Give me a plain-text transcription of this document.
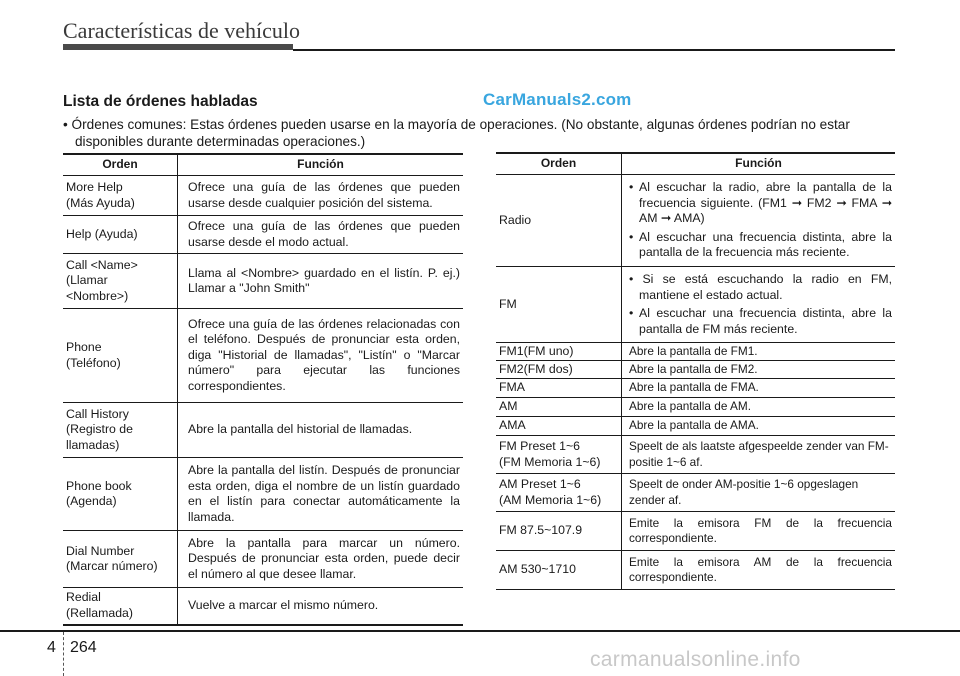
Características de vehículo
CarManuals2.com
Lista de órdenes habladas
• Órdenes comunes: Estas órdenes pueden usarse en la mayoría de operaciones. (No obstante, algunas órdenes podrían no estar disponibles durante determinadas operaciones.)
Orden	Función
More Help
(Más Ayuda)	Ofrece una guía de las órdenes que pueden usarse desde cualquier posición del sistema.
Help (Ayuda)	Ofrece una guía de las órdenes que pueden usarse desde el modo actual.
Call <Name>
(Llamar
<Nombre>)	Llama al <Nombre> guardado en el listín. P. ej.) Llamar a "John Smith"
Phone
(Teléfono)	Ofrece una guía de las órdenes relacionadas con el teléfono. Después de pronunciar esta orden, diga "Historial de llamadas", "Listín" o "Marcar número" para ejecutar las funciones correspondientes.
Call History
(Registro de
llamadas)	Abre la pantalla del historial de llamadas.
Phone book
(Agenda)	Abre la pantalla del listín. Después de pronunciar esta orden, diga el nombre de un listín guardado en el listín para conectar automáticamente la llamada.
Dial Number
(Marcar número)	Abre la pantalla para marcar un número. Después de pronunciar esta orden, puede decir el número al que desee llamar.
Redial
(Rellamada)	Vuelve a marcar el mismo número.
Orden	Función
Radio	• Al escuchar la radio, abre la pantalla de la frecuencia siguiente. (FM1 ➞ FM2 ➞ FMA ➞ AM ➞ AMA)
• Al escuchar una frecuencia distinta, abre la pantalla de la frecuencia más reciente.

FM	• Si se está escuchando la radio en FM, mantiene el estado actual.
• Al escuchar una frecuencia distinta, abre la pantalla de FM más reciente.

FM1(FM uno)	Abre la pantalla de FM1.
FM2(FM dos)	Abre la pantalla de FM2.
FMA	Abre la pantalla de FMA.
AM	Abre la pantalla de AM.
AMA	Abre la pantalla de AMA.
FM Preset 1~6
(FM Memoria 1~6)	Speelt de als laatste afgespeelde zender van FM-positie 1~6 af.
AM Preset 1~6
(AM Memoria 1~6)	Speelt de onder AM-positie 1~6 opgeslagen zender af.
FM 87.5~107.9	Emite la emisora FM de la frecuencia correspondiente.
AM 530~1710	Emite la emisora AM de la frecuencia correspondiente.
4 264
carmanualsonline.info
